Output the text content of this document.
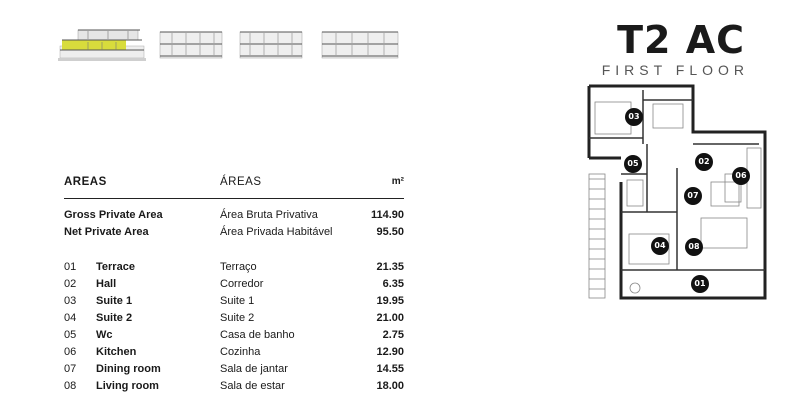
T2 AC
FIRST FLOOR
AREAS	ÁREAS	m²
Gross Private Area	Área Bruta Privativa	114.90
Net Private Area	Área Privada Habitável	95.50
01 Terrace	Terraço	21.35
02 Hall	Corredor	6.35
03 Suite 1	Suite 1	19.95
04 Suite 2	Suite 2	21.00
05 Wc	Casa de banho	2.75
06 Kitchen	Cozinha	12.90
07 Dining room	Sala de jantar	14.55
08 Living room	Sala de estar	18.00
01
02
03
04
05
06
07
08
